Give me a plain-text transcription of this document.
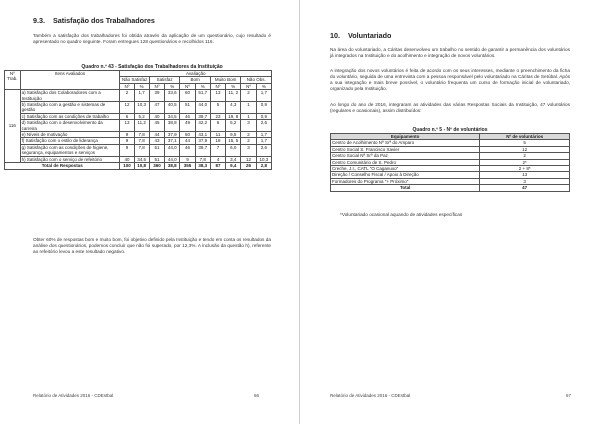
9.3. Satisfação dos Trabalhadores
Também a satisfação dos trabalhadores foi obtida através da aplicação de um questionário, cujo resultado é apresentado no quadro seguinte. Foram entregues 128 questionários e recolhidos 116.
Quadro n.º 43 - Satisfação dos Trabalhadores da Instituição
Nº Trab.	Itens Avaliados	Avaliação									
		Não Satisfaz		Satisfaz		Bom		Muito Bom		Não Obs.	
		Nº	%	Nº	%	Nº	%	Nº	%	Nº	%
116	a) Satisfação dos Colaboradores com a Instituição	2	1,7	39	33,6	60	51,7	13	11, 2	2	1,7
	b) Satisfação com a gestão e sistemas de gestão	12	10,3	47	40,5	51	44,0	5	4,3	1	0,9
	c) Satisfação com as condições de trabalho	6	5,2	40	34,5	46	39,7	23	19, 8	1	0,9
	d) Satisfação com o desenvolvimento da carreira	13	11,2	45	38,8	49	42,2	6	5,2	3	2,6
	e) Níveis de motivação	9	7,8	44	37,9	50	43,1	11	9,5	2	1,7
	f) Satisfação com o estilo de liderança	9	7,8	43	37,1	44	37,9	18	15, 5	2	1,7
	g) Satisfação com as condições de higiene, segurança, equipamentos e serviços	9	7,8	51	44,0	46	39,7	7	6,0	3	2,6
	h) Satisfação com o serviço de refeitório	40	34,5	51	44,0	9	7,8	4	3,4	12	10,3
Total de Respostas		100	10,8	360	38,8	355	38,3	87	9,4	26	2,8
Obter 60% de respostas bom e muito bom, foi objetivo definido pela Instituição e tendo em conta os resultados da análise dos questionários, podemos concluir que não foi superado, por 12,3%. A inclusão da questão h), referente ao refeitório levou a este resultado negativo.
Relatório de Atividades 2016 - CDEstbal	66
10. Voluntariado
Na área do voluntariado, a Cáritas desenvolveu um trabalho no sentido de garantir a permanência dos voluntários já integrados na Instituição e do acolhimento e integração de novos voluntários.
A integração dos novos voluntários é feita de acordo com os seus interesses, mediante o preenchimento da ficha do voluntário, seguida de uma entrevista com a pessoa responsável pelo voluntariado na Cáritas de Setúbal. Após a sua integração e mais breve possível, o voluntário frequenta um curso de formação inicial de voluntariado, organizado pela Instituição.
Ao longo do ano de 2016, integraram as atividades das várias Respostas Sociais da Instituição, 47 voluntários (regulares e ocasionais), assim distribuídos:
Quadro n.º 5 - Nº de voluntários
Equipamento	Nº de voluntários
Centro de Acolhimento Nª Srª do Amparo	5
Centro Social S. Francisco Xavier	12
Centro Social Nª Srª da Paz	2
Centro Comunitário de S. Pedro	2*
Creche, J.I., CATL "O Caganuxo"	2 + 8*
Direção / Conselho Fiscal / Apoio à Direção	13
Formadores do Programa "+ Próximo"	3
Total	47
*Voluntariado ocasional aquando de atividades específicas
Relatório de Atividades 2016 - CDEstbal	67
